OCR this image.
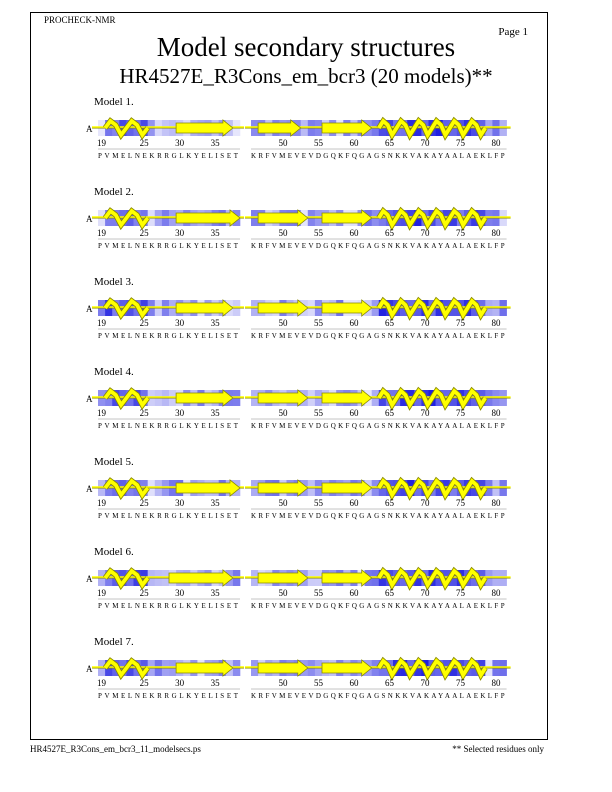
PROCHECK-NMR
Page 1
Model secondary structures
HR4527E_R3Cons_em_bcr3 (20 models)**
Model 1.
A
19	25	30	35	50	55	60	65	70	75	80
PVMELNEKRRGLKYELISET KRFVMEVEVDGQKFQGAGSNKKVAKAYAALAEKLFP
Model 2.
A
19	25	30	35	50	55	60	65	70	75	80
PVMELNEKRRGLKYELISET KRFVMEVEVDGQKFQGAGSNKKVAKAYAALAEKLFP
Model 3.
A
19	25	30	35	50	55	60	65	70	75	80
PVMELNEKRRGLKYELISET KRFVMEVEVDGQKFQGAGSNKKVAKAYAALAEKLFP
Model 4.
A
19	25	30	35	50	55	60	65	70	75	80
PVMELNEKRRGLKYELISET KRFVMEVEVDGQKFQGAGSNKKVAKAYAALAEKLFP
Model 5.
A
19	25	30	35	50	55	60	65	70	75	80
PVMELNEKRRGLKYELISET KRFVMEVEVDGQKFQGAGSNKKVAKAYAALAEKLFP
Model 6.
A
19	25	30	35	50	55	60	65	70	75	80
PVMELNEKRRGLKYELISET KRFVMEVEVDGQKFQGAGSNKKVAKAYAALAEKLFP
Model 7.
A
19	25	30	35	50	55	60	65	70	75	80
PVMELNEKRRGLKYELISET KRFVMEVEVDGQKFQGAGSNKKVAKAYAALAEKLFP
HR4527E_R3Cons_em_bcr3_11_modelsecs.ps	** Selected residues only
